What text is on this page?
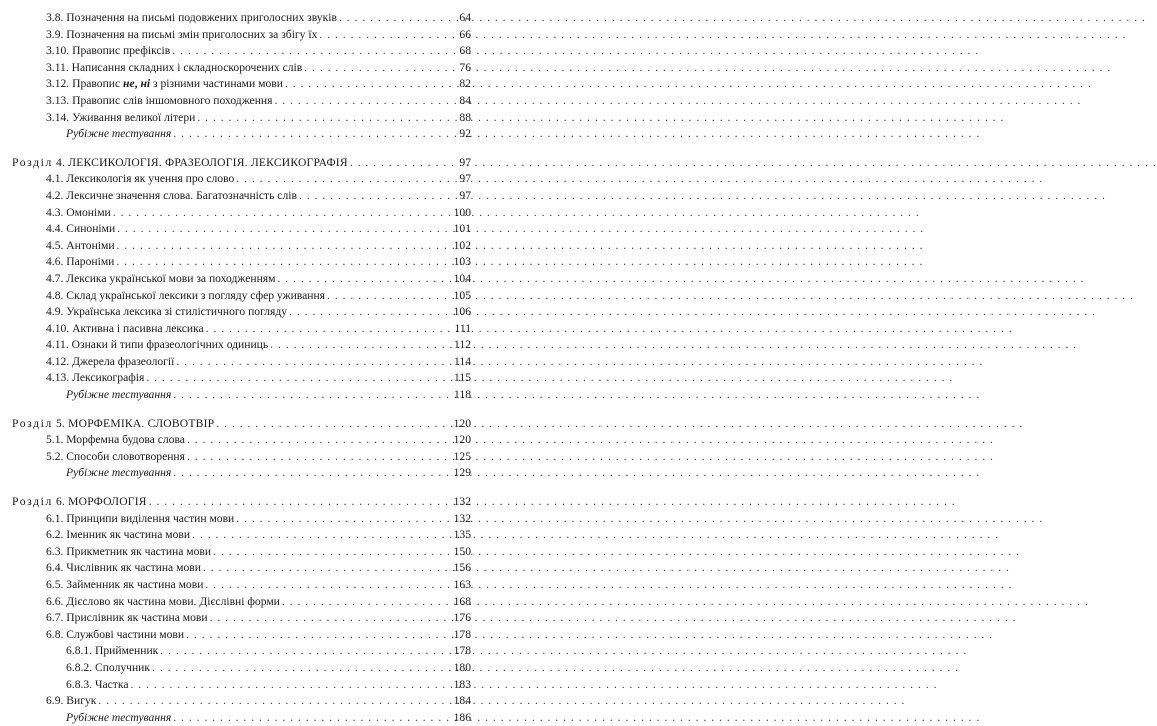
3.8. Позначення на письмі подовжених приголосних звуків . . .	64
3.9. Позначення на письмі змін приголосних за збігу їх . . .	66
3.10. Правопис префіксів . . .	68
3.11. Написання складних і складноскорочених слів . . .	76
3.12. Правопис не, ні з різними частинами мови . . .	82
3.13. Правопис слів іншомовного походження . . .	84
3.14. Уживання великої літери . . .	88
Рубіжне тестування . . .	92
Розділ 4. ЛЕКСИКОЛОГІЯ. ФРАЗЕОЛОГІЯ. ЛЕКСИКОГРАФІЯ . . .	97
4.1. Лексикологія як учення про слово . . .	97
4.2. Лексичне значення слова. Багатозначність слів . . .	97
4.3. Омоніми . . .	100
4.4. Синоніми . . .	101
4.5. Антоніми . . .	102
4.6. Пароніми . . .	103
4.7. Лексика української мови за походженням . . .	104
4.8. Склад української лексики з погляду сфер уживання . . .	105
4.9. Українська лексика зі стилістичного погляду . . .	106
4.10. Активна і пасивна лексика . . .	111
4.11. Ознаки й типи фразеологічних одиниць . . .	112
4.12. Джерела фразеології . . .	114
4.13. Лексикографія . . .	115
Рубіжне тестування . . .	118
Розділ 5. МОРФЕМІКА. СЛОВОТВІР . . .	120
5.1. Морфемна будова слова . . .	120
5.2. Способи словотворення . . .	125
Рубіжне тестування . . .	129
Розділ 6. МОРФОЛОГІЯ . . .	132
6.1. Принципи виділення частин мови . . .	132
6.2. Іменник як частина мови . . .	135
6.3. Прикметник як частина мови . . .	150
6.4. Числівник як частина мови . . .	156
6.5. Займенник як частина мови . . .	163
6.6. Дієслово як частина мови. Дієслівні форми . . .	168
6.7. Прислівник як частина мови . . .	176
6.8. Службові частини мови . . .	178
6.8.1. Прийменник . . .	178
6.8.2. Сполучник . . .	180
6.8.3. Частка . . .	183
6.9. Вигук . . .	184
Рубіжне тестування . . .	186
